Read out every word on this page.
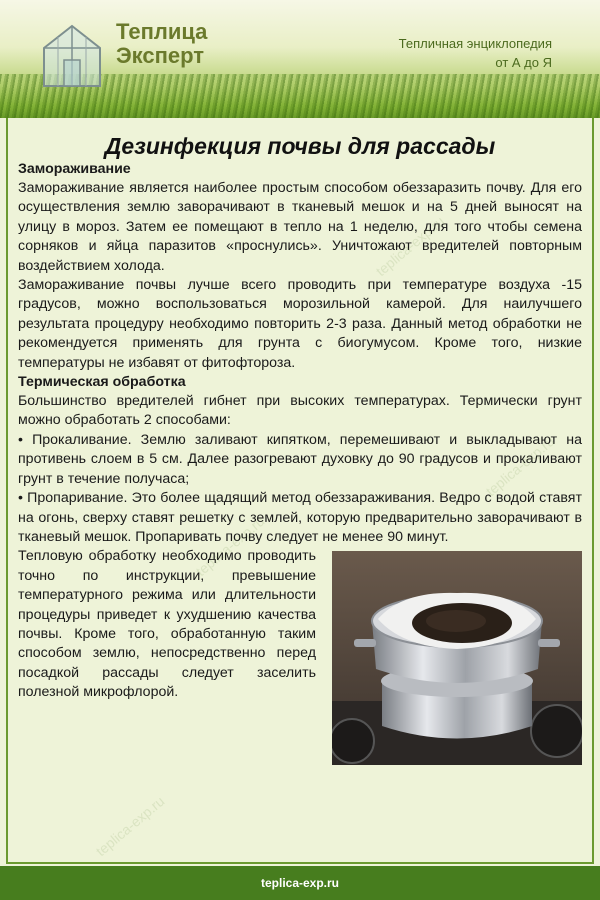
Теплица
Эксперт	Тепличная энциклопедия
от А до Я
teplica-exp.ru
teplica-exp.ru
teplica-exp.ru
teplica-exp.ru
Дезинфекция почвы для рассады
Замораживание

Замораживание является наиболее простым способом обеззаразить почву. Для его осуществления землю заворачивают в тканевый мешок и на 5 дней выносят на улицу в мороз. Затем ее помещают в тепло на 1 неделю, для того чтобы семена сорняков и яйца паразитов «проснулись». Уничтожают вредителей повторным воздействием холода.

Замораживание почвы лучше всего проводить при температуре воздуха -15 градусов, можно воспользоваться морозильной камерой. Для наилучшего результата процедуру необходимо повторить 2-3 раза. Данный метод обработки не рекомендуется применять для грунта с биогумусом. Кроме того, низкие температуры не избавят от фитофтороза.

Термическая обработка

Большинство вредителей гибнет при высоких температурах. Термически грунт можно обработать 2 способами:

• Прокаливание. Землю заливают кипятком, перемешивают и выкладывают на противень слоем в 5 см. Далее разогревают духовку до 90 градусов и прокаливают грунт в течение получаса;

• Пропаривание. Это более щадящий метод обеззараживания. Ведро с водой ставят на огонь, сверху ставят решетку с землей, которую предварительно заворачивают в тканевый мешок. Пропаривать почву следует не менее 90 минут.

Тепловую обработку необходимо проводить точно по инструкции, превышение температурного режима или длительности процедуры приведет к ухудшению качества почвы. Кроме того, обработанную таким способом землю, непосредственно перед посадкой рассады следует заселить полезной микрофлорой.

teplica-exp.ru
